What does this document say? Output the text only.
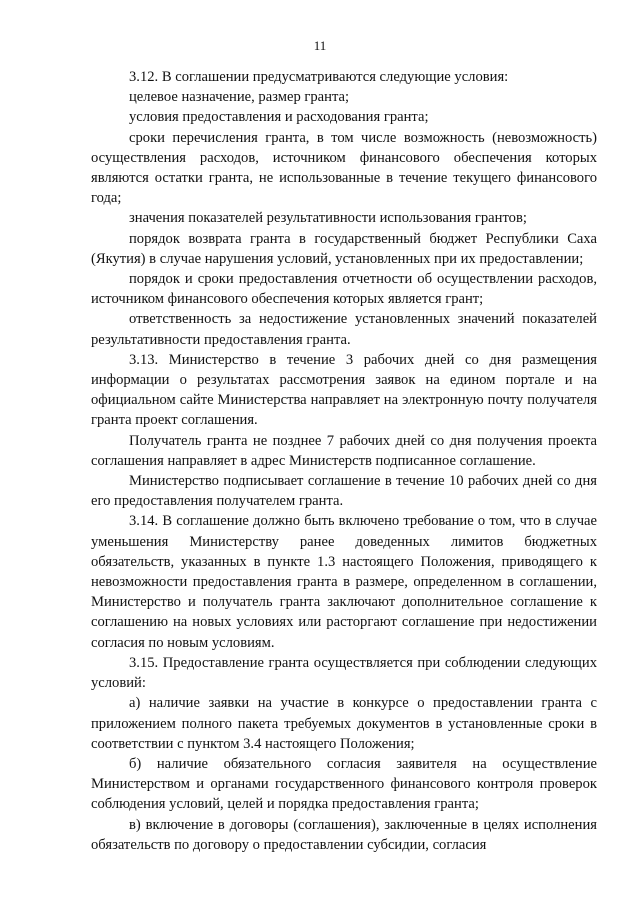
11

3.12. В соглашении предусматриваются следующие условия:

целевое назначение, размер гранта;

условия предоставления и расходования гранта;

сроки перечисления гранта, в том числе возможность (невозможность) осуществления расходов, источником финансового обеспечения которых являются остатки гранта, не использованные в течение текущего финансового года;

значения показателей результативности использования грантов;

порядок возврата гранта в государственный бюджет Республики Саха (Якутия) в случае нарушения условий, установленных при их предоставлении;

порядок и сроки предоставления отчетности об осуществлении расходов, источником финансового обеспечения которых является грант;

ответственность за недостижение установленных значений показателей результативности предоставления гранта.

3.13. Министерство в течение 3 рабочих дней со дня размещения информации о результатах рассмотрения заявок на едином портале и на официальном сайте Министерства направляет на электронную почту получателя гранта проект соглашения.

Получатель гранта не позднее 7 рабочих дней со дня получения проекта соглашения направляет в адрес Министерств подписанное соглашение.

Министерство подписывает соглашение в течение 10 рабочих дней со дня его предоставления получателем гранта.

3.14. В соглашение должно быть включено требование о том, что в случае уменьшения Министерству ранее доведенных лимитов бюджетных обязательств, указанных в пункте 1.3 настоящего Положения, приводящего к невозможности предоставления гранта в размере, определенном в соглашении, Министерство и получатель гранта заключают дополнительное соглашение к соглашению на новых условиях или расторгают соглашение при недостижении согласия по новым условиям.

3.15. Предоставление гранта осуществляется при соблюдении следующих условий:

а) наличие заявки на участие в конкурсе о предоставлении гранта с приложением полного пакета требуемых документов в установленные сроки в соответствии с пунктом 3.4 настоящего Положения;

б) наличие обязательного согласия заявителя на осуществление Министерством и органами государственного финансового контроля проверок соблюдения условий, целей и порядка предоставления гранта;

в) включение в договоры (соглашения), заключенные в целях исполнения обязательств по договору о предоставлении субсидии, согласия
